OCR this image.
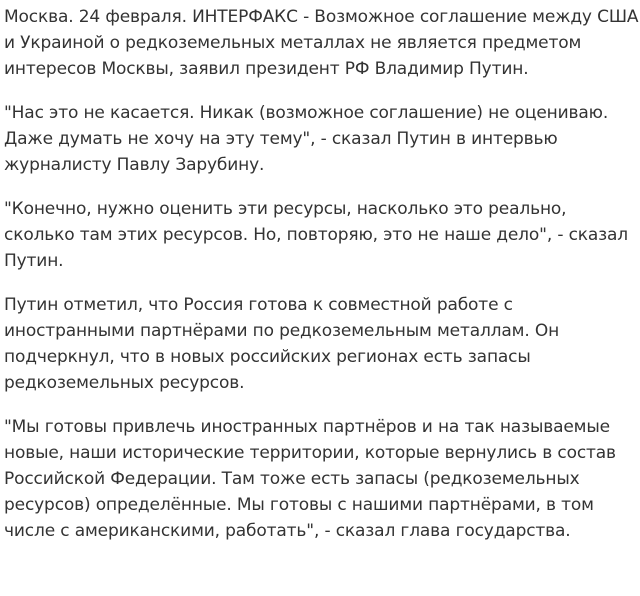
Москва. 24 февраля. ИНТЕРФАКС - Возможное соглашение между США и Украиной о редкоземельных металлах не является предметом интересов Москвы, заявил президент РФ Владимир Путин.

"Нас это не касается. Никак (возможное соглашение) не оцениваю. Даже думать не хочу на эту тему", - сказал Путин в интервью журналисту Павлу Зарубину.

"Конечно, нужно оценить эти ресурсы, насколько это реально, сколько там этих ресурсов. Но, повторяю, это не наше дело", - сказал Путин.

Путин отметил, что Россия готова к совместной работе с иностранными партнёрами по редкоземельным металлам. Он подчеркнул, что в новых российских регионах есть запасы редкоземельных ресурсов.

"Мы готовы привлечь иностранных партнёров и на так называемые новые, наши исторические территории, которые вернулись в состав Российской Федерации. Там тоже есть запасы (редкоземельных ресурсов) определённые. Мы готовы с нашими партнёрами, в том числе с американскими, работать", - сказал глава государства.
